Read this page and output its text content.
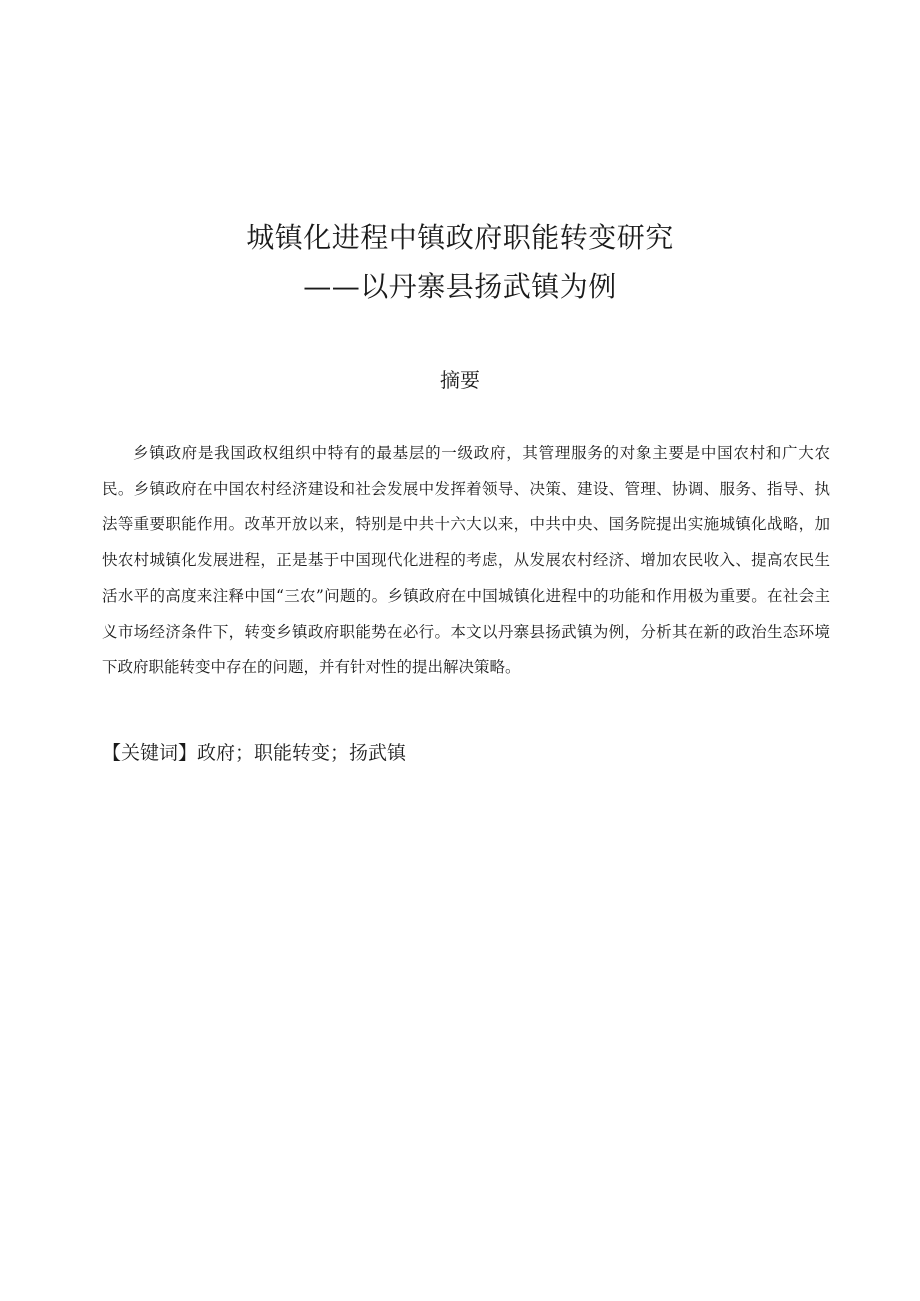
城镇化进程中镇政府职能转变研究
——以丹寨县扬武镇为例
摘要

乡镇政府是我国政权组织中特有的最基层的一级政府，其管理服务的对象主要是中国农村和广大农民。乡镇政府在中国农村经济建设和社会发展中发挥着领导、决策、建设、管理、协调、服务、指导、执法等重要职能作用。改革开放以来，特别是中共十六大以来，中共中央、国务院提出实施城镇化战略，加快农村城镇化发展进程，正是基于中国现代化进程的考虑，从发展农村经济、增加农民收入、提高农民生活水平的高度来注释中国“三农”问题的。乡镇政府在中国城镇化进程中的功能和作用极为重要。在社会主义市场经济条件下，转变乡镇政府职能势在必行。本文以丹寨县扬武镇为例，分析其在新的政治生态环境下政府职能转变中存在的问题，并有针对性的提出解决策略。

【关键词】政府；职能转变；扬武镇
